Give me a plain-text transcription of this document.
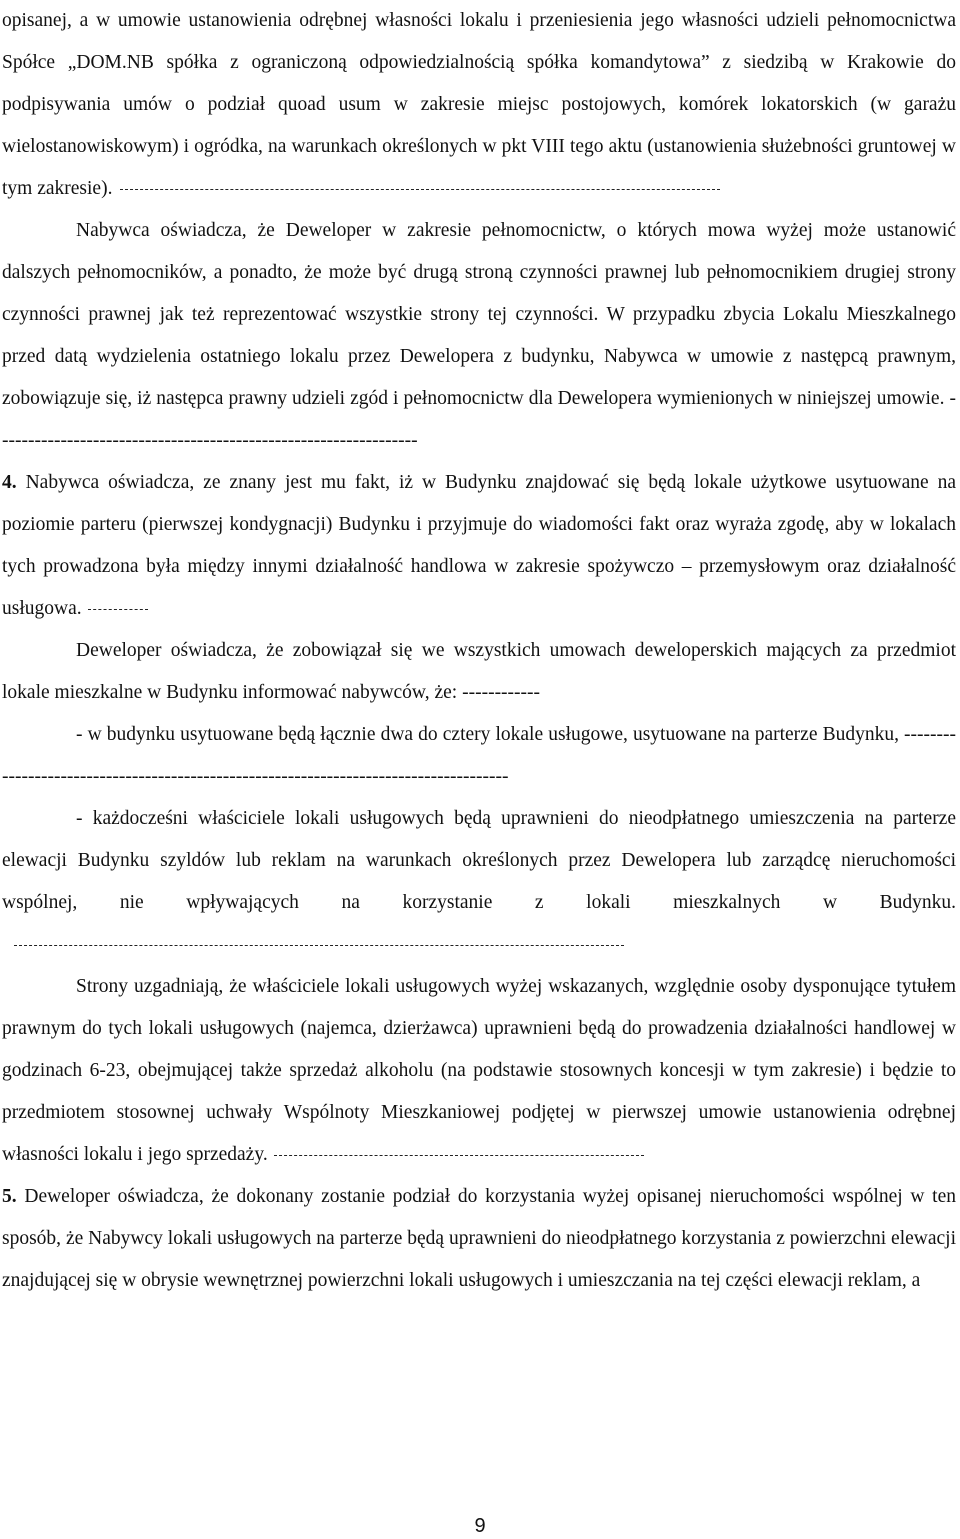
opisanej, a w umowie ustanowienia odrębnej własności lokalu i przeniesienia jego własności udzieli pełnomocnictwa Spółce „DOM.NB spółka z ograniczoną odpowiedzialnością spółka komandytowa” z siedzibą w Krakowie do podpisywania umów o podział quoad usum w zakresie miejsc postojowych, komórek lokatorskich (w garażu wielostanowiskowym) i ogródka, na warunkach określonych w pkt VIII tego aktu (ustanowienia służebności gruntowej w tym zakresie).

Nabywca oświadcza, że Deweloper w zakresie pełnomocnictw, o których mowa wyżej może ustanowić dalszych pełnomocników, a ponadto, że może być drugą stroną czynności prawnej lub pełnomocnikiem drugiej strony czynności prawnej jak też reprezentować wszystkie strony tej czynności. W przypadku zbycia Lokalu Mieszkalnego przed datą wydzielenia ostatniego lokalu przez Dewelopera z budynku, Nabywca w umowie z następcą prawnym, zobowiązuje się, iż następca prawny udzieli zgód i pełnomocnictw dla Dewelopera wymienionych w niniejszej umowie. -----------------------------------------------------------------

4. Nabywca oświadcza, ze znany jest mu fakt, iż w Budynku znajdować się będą lokale użytkowe usytuowane na poziomie parteru (pierwszej kondygnacji) Budynku i przyjmuje do wiadomości fakt oraz wyraża zgodę, aby w lokalach tych prowadzona była między innymi działalność handlowa w zakresie spożywczo – przemysłowym oraz działalność usługowa.

Deweloper oświadcza, że zobowiązał się we wszystkich umowach deweloperskich mających za przedmiot lokale mieszkalne w Budynku informować nabywców, że: ------------

- w budynku usytuowane będą łącznie dwa do cztery lokale usługowe, usytuowane na parterze Budynku, --------------------------------------------------------------------------------------

- każdocześni właściciele lokali usługowych będą uprawnieni do nieodpłatnego umieszczenia na parterze elewacji Budynku szyldów lub reklam na warunkach określonych przez Dewelopera lub zarządcę nieruchomości wspólnej, nie wpływających na korzystanie z lokali mieszkalnych w Budynku.

Strony uzgadniają, że właściciele lokali usługowych wyżej wskazanych, względnie osoby dysponujące tytułem prawnym do tych lokali usługowych (najemca, dzierżawca) uprawnieni będą do prowadzenia działalności handlowej w godzinach 6-23, obejmującej także sprzedaż alkoholu (na podstawie stosownych koncesji w tym zakresie) i będzie to przedmiotem stosownej uchwały Wspólnoty Mieszkaniowej podjętej w pierwszej umowie ustanowienia odrębnej własności lokalu i jego sprzedaży.

5. Deweloper oświadcza, że dokonany zostanie podział do korzystania wyżej opisanej nieruchomości wspólnej w ten sposób, że Nabywcy lokali usługowych na parterze będą uprawnieni do nieodpłatnego korzystania z powierzchni elewacji znajdującej się w obrysie wewnętrznej powierzchni lokali usługowych i umieszczania na tej części elewacji reklam, a

9
